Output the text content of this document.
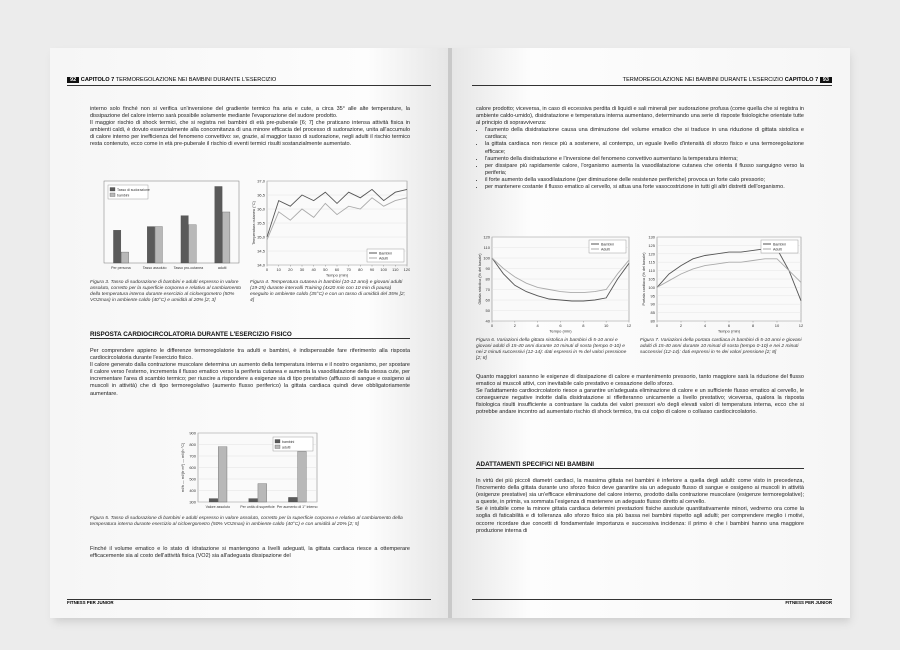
92 CAPITOLO 7 TERMOREGOLAZIONE NEI BAMBINI DURANTE L'ESERCIZIO

interno solo finché non si verifica un'inversione del gradiente termico fra aria e cute, a circa 35° alle alte temperature, la dissipazione del calore interno sarà possibile solamente mediante l'evaporazione del sudore prodotto.

Il maggior rischio di shock termici, che si registra nei bambini di età pre-puberale [6; 7] che praticano intensa attività fisica in ambienti caldi, è dovuto essenzialmente alla concomitanza di una minore efficacia del processo di sudorazione, unita all'accumulo di calore interno per inefficienza del fenomeno convettivo: se, grazie, al maggior tasso di sudorazione, negli adulti il rischio termico resta contenuto, ecco come in età pre-puberale il rischio di eventi termici risulti sostanzialmente aumentato.

Per persona	Tasso assoluto Tasso pro-cutanea	adulti
Tasso di sudorazione
bambini
34,0
34,5
35,0
35,5
36,0
36,5
37,0
0 10 20 30 40 50 60 70 80 90 100 110 120
Tempo (min)
Temperatura cutanea (°C)
Bambini
Adulti
Figura 3. Tasso di sudorazione di bambini e adulti espresso in valore assoluto, corretto per la superficie corporea e relativo al cambiamento della temperatura interna durante esercizio al cicloergometro (50% VO2max) in ambiente caldo (40°C) e umidità al 20% [2; 3]
Figura 4. Temperatura cutanea in bambini (10-12 anni) e giovani adulti (19-25) durante intervalli Training (4x20 min con 10 min di pausa) eseguito in ambiente caldo (35°C) e con un tasso di umidità del 35% [2; 4]
RISPOSTA CARDIOCIRCOLATORIA DURANTE L'ESERCIZIO FISICO

Per comprendere appieno le differenze termoregolatorie tra adulti e bambini, è indispensabile fare riferimento alla risposta cardiocircolatoria durante l'esercizio fisico.

Il calore generato dalla contrazione muscolare determina un aumento della temperatura interna e il nostro organismo, per spostare il calore verso l'esterno, incrementa il flusso ematico verso la periferia cutanea e aumenta la vasodilatazione della stessa cute, per incrementare l'area di scambio termico; per riuscire a rispondere a esigenze sia di tipo prestativo (afflusso di sangue e ossigeno ai muscoli in attività) che di tipo termoregolativo (aumento flusso periferico) la gittata cardiaca quindi deve obbligatoriamente aumentare.

300
400
500
600
700
800
900
ml/h — ml/(h·m²) — ml/(h·°C)
Valore assoluto	Per unità di superficie Per aumento di 1° interno
bambini
adulti
Figura 5. Tasso di sudorazione di bambini e adulti espresso in valore assoluto, corretto per la superficie corporea e relativo al cambiamento della temperatura interna durante esercizio al cicloergometro (50% VO2max) in ambiente caldo (40°C) e con umidità al 20% [2; 5]
Finché il volume ematico e lo stato di idratazione si mantengono a livelli adeguati, la gittata cardiaca riesce a ottemperare efficacemente sia al costo dell'attività fisica (VO2) sia all'adeguata dissipazione del
FITNESS PER JUNIOR
TERMOREGOLAZIONE NEI BAMBINI DURANTE L'ESERCIZIO CAPITOLO 7 93

calore prodotto; viceversa, in caso di eccessiva perdita di liquidi e sali minerali per sudorazione profusa (come quella che si registra in ambiente caldo-umido), disidratazione e temperatura interna aumentano, determinando una serie di risposte fisiologiche orientate tutte al principio di sopravvivenza:

• l'aumento della disidratazione causa una diminuzione del volume ematico che si traduce in una riduzione di gittata sistolica e cardiaca;
• la gittata cardiaca non riesce più a sostenere, al contempo, un eguale livello d'intensità di sforzo fisico e una termoregolazione efficace;
• l'aumento della disidratazione e l'inversione del fenomeno convettivo aumentano la temperatura interna;
• per dissipare più rapidamente calore, l'organismo aumenta la vasodilatazione cutanea che orienta il flusso sanguigno verso la periferia;
• il forte aumento della vasodilatazione (per diminuzione delle resistenze periferiche) provoca un forte calo pressorio;
• per mantenere costante il flusso ematico al cervello, si attua una forte vasocostrizione in tutti gli altri distretti dell'organismo.
40
50
60
70
80
90
100
110
120
0	2	4	6	8	10	12
Tempo (min)
Gittata sistolica (% del basale)
Bambini
Adulti
80
85
90
95
100
105
110
115
120
125
130
0	2	4	6	8	10	12
Tempo (min)
Portata cardiaca (% del basale)
Bambini
Adulti
Figura 6. Variazioni della gittata sistolica in bambini di 5-10 anni e giovani adulti di 15-40 anni durante 10 minuti di sosta (tempo 0-10) e nei 2 minuti successivi (12-14): dati espressi in % del valori pressione [2; 8]
Figura 7. Variazioni della portata cardiaca in bambini di 5-10 anni e giovani adulti di 15-40 anni durante 10 minuti di sosta (tempo 0-10) e nei 2 minuti successivi (12-14): dati espressi in % dei valori pressione [2; 8]

Quanto maggiori saranno le esigenze di dissipazione di calore e mantenimento pressorio, tanto maggiore sarà la riduzione del flusso ematico ai muscoli attivi, con inevitabile calo prestativo e cessazione dello sforzo.

Se l'adattamento cardiocircolatorio riesce a garantire un'adeguata eliminazione di calore e un sufficiente flusso ematico al cervello, le conseguenze negative indotte dalla disidratazione si rifletteranno unicamente a livello prestativo; viceversa, qualora la risposta fisiologica risulti insufficiente a contrastare la caduta dei valori pressori e/o degli elevati valori di temperatura interna, ecco che si potrebbe andare incontro ad aumentato rischio di shock termico, tra cui colpo di calore o collasso cardiocircolatorio.

ADATTAMENTI SPECIFICI NEI BAMBINI

In virtù dei più piccoli diametri cardiaci, la massima gittata nei bambini è inferiore a quella degli adulti: come visto in precedenza, l'incremento della gittata durante uno sforzo fisico deve garantire sia un adeguato flusso di sangue e ossigeno ai muscoli in attività (esigenze prestative) sia un'efficace eliminazione del calore interno, prodotto dalla contrazione muscolare (esigenze termoregolative); a queste, in primis, va sommata l'esigenza di mantenere un adeguato flusso diretto al cervello.

Se è intuibile come la minore gittata cardiaca determini prestazioni fisiche assolute quantitativamente minori, vedremo ora come la soglia di faticabilità e di tolleranza allo sforzo fisico sia più bassa nei bambini rispetto agli adulti; per comprendere meglio i motivi, occorre ricordare due concetti di fondamentale importanza e successiva incidenza: il primo è che i bambini hanno una maggiore produzione interna di

FITNESS PER JUNIOR
